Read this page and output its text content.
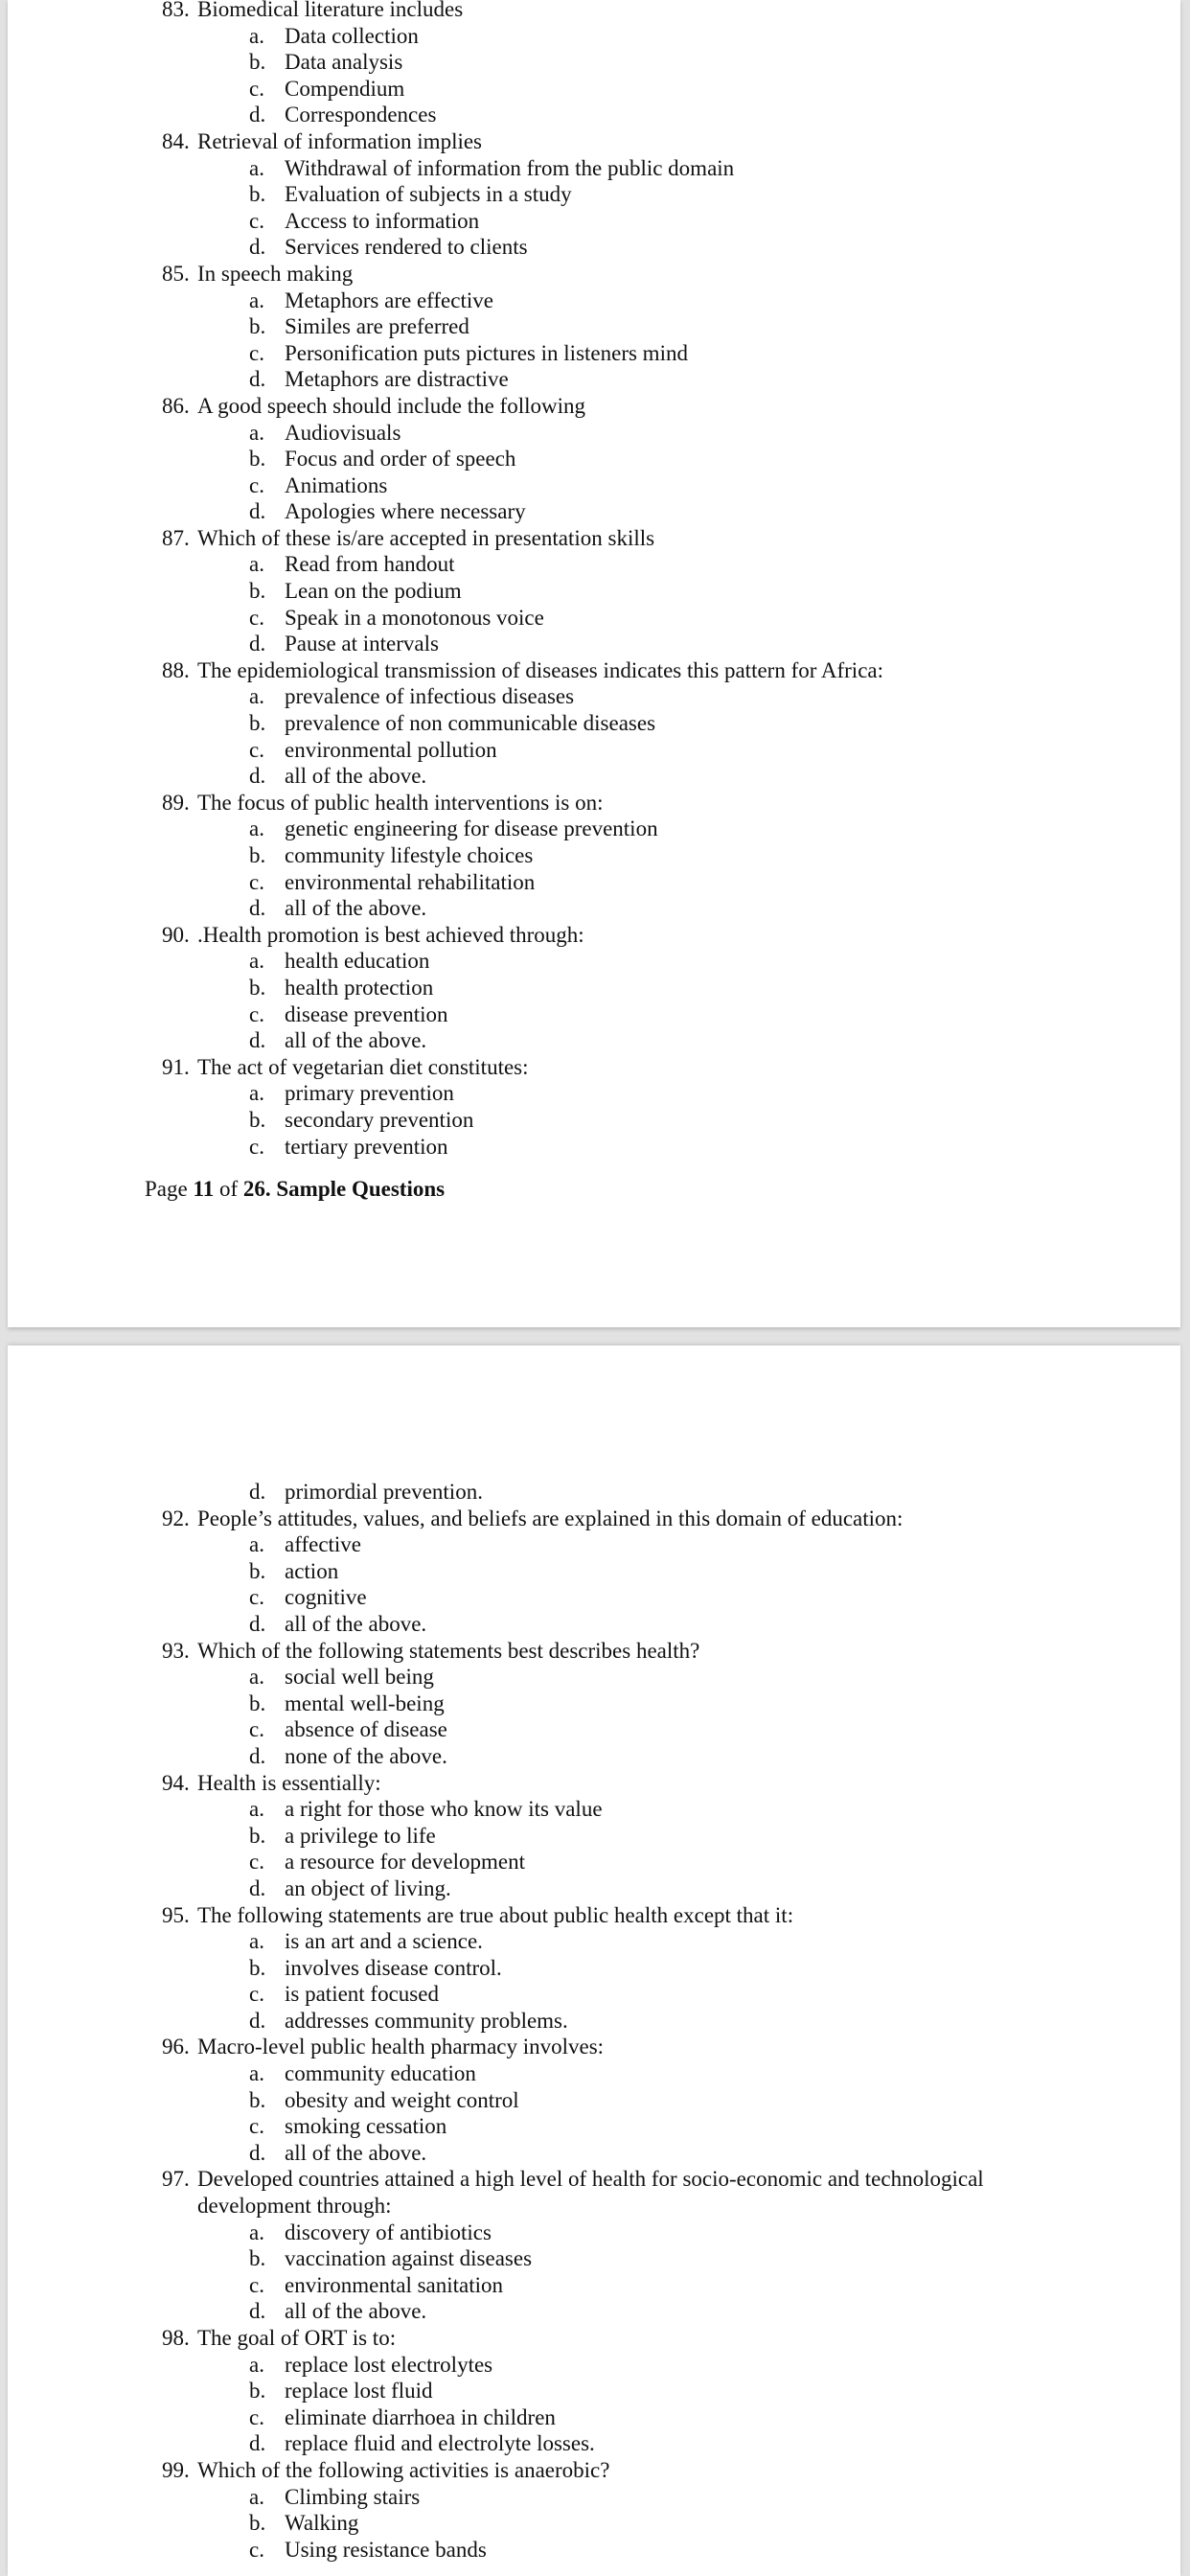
83. Biomedical literature includes
a. Data collection
b. Data analysis
c. Compendium
d. Correspondences
84. Retrieval of information implies
a. Withdrawal of information from the public domain
b. Evaluation of subjects in a study
c. Access to information
d. Services rendered to clients
85. In speech making
a. Metaphors are effective
b. Similes are preferred
c. Personification puts pictures in listeners mind
d. Metaphors are distractive
86. A good speech should include the following
a. Audiovisuals
b. Focus and order of speech
c. Animations
d. Apologies where necessary
87. Which of these is/are accepted in presentation skills
a. Read from handout
b. Lean on the podium
c. Speak in a monotonous voice
d. Pause at intervals
88. The epidemiological transmission of diseases indicates this pattern for Africa:
a. prevalence of infectious diseases
b. prevalence of non communicable diseases
c. environmental pollution
d. all of the above.
89. The focus of public health interventions is on:
a. genetic engineering for disease prevention
b. community lifestyle choices
c. environmental rehabilitation
d. all of the above.
90. .Health promotion is best achieved through:
a. health education
b. health protection
c. disease prevention
d. all of the above.
91. The act of vegetarian diet constitutes:
a. primary prevention
b. secondary prevention
c. tertiary prevention
Page 11 of 26. Sample Questions
d. primordial prevention.
92. People’s attitudes, values, and beliefs are explained in this domain of education:
a. affective
b. action
c. cognitive
d. all of the above.
93. Which of the following statements best describes health?
a. social well being
b. mental well-being
c. absence of disease
d. none of the above.
94. Health is essentially:
a. a right for those who know its value
b. a privilege to life
c. a resource for development
d. an object of living.
95. The following statements are true about public health except that it:
a. is an art and a science.
b. involves disease control.
c. is patient focused
d. addresses community problems.
96. Macro-level public health pharmacy involves:
a. community education
b. obesity and weight control
c. smoking cessation
d. all of the above.
97. Developed countries attained a high level of health for socio-economic and technological
development through:
a. discovery of antibiotics
b. vaccination against diseases
c. environmental sanitation
d. all of the above.
98. The goal of ORT is to:
a. replace lost electrolytes
b. replace lost fluid
c. eliminate diarrhoea in children
d. replace fluid and electrolyte losses.
99. Which of the following activities is anaerobic?
a. Climbing stairs
b. Walking
c. Using resistance bands
